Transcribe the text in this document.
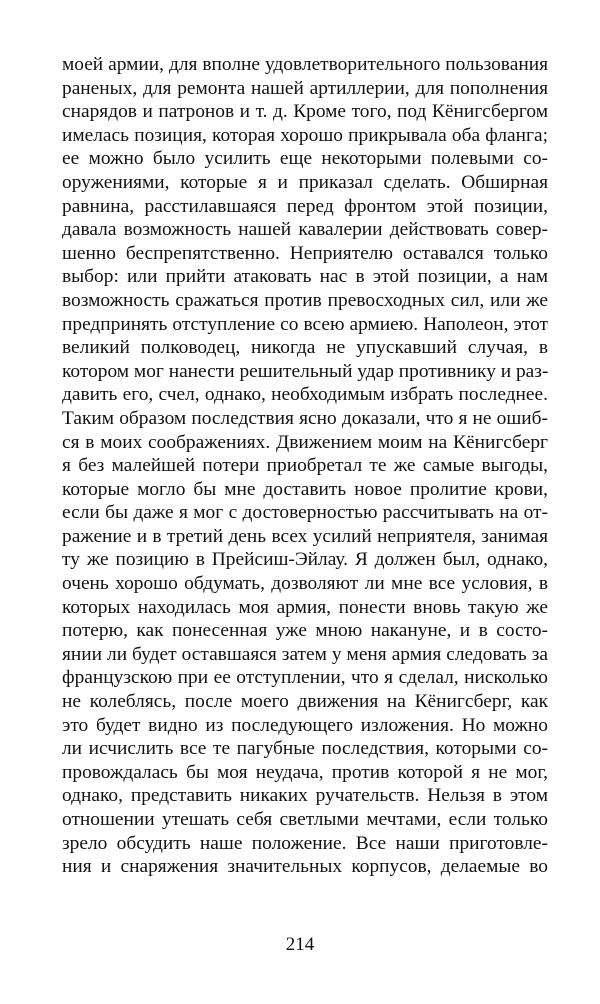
моей армии, для вполне удовлетворительного пользования
раненых, для ремонта нашей артиллерии, для пополнения
снарядов и патронов и т. д. Кроме того, под Кёнигсбергом
имелась позиция, которая хорошо прикрывала оба фланга;
ее можно было усилить еще некоторыми полевыми со-
оружениями, которые я и приказал сделать. Обширная
равнина, расстилавшаяся перед фронтом этой позиции,
давала возможность нашей кавалерии действовать совер-
шенно беспрепятственно. Неприятелю оставался только
выбор: или прийти атаковать нас в этой позиции, а нам
возможность сражаться против превосходных сил, или же
предпринять отступление со всею армиею. Наполеон, этот
великий полководец, никогда не упускавший случая, в
котором мог нанести решительный удар противнику и раз-
давить его, счел, однако, необходимым избрать последнее.
Таким образом последствия ясно доказали, что я не ошиб-
ся в моих соображениях. Движением моим на Кёнигсберг
я без малейшей потери приобретал те же самые выгоды,
которые могло бы мне доставить новое пролитие крови,
если бы даже я мог с достоверностью рассчитывать на от-
ражение и в третий день всех усилий неприятеля, занимая
ту же позицию в Прейсиш-Эйлау. Я должен был, однако,
очень хорошо обдумать, дозволяют ли мне все условия, в
которых находилась моя армия, понести вновь такую же
потерю, как понесенная уже мною накануне, и в состо-
янии ли будет оставшаяся затем у меня армия следовать за
французскою при ее отступлении, что я сделал, нисколько
не колеблясь, после моего движения на Кёнигсберг, как
это будет видно из последующего изложения. Но можно
ли исчислить все те пагубные последствия, которыми со-
провождалась бы моя неудача, против которой я не мог,
однако, представить никаких ручательств. Нельзя в этом
отношении утешать себя светлыми мечтами, если только
зрело обсудить наше положение. Все наши приготовле-
ния и снаряжения значительных корпусов, делаемые во
214
